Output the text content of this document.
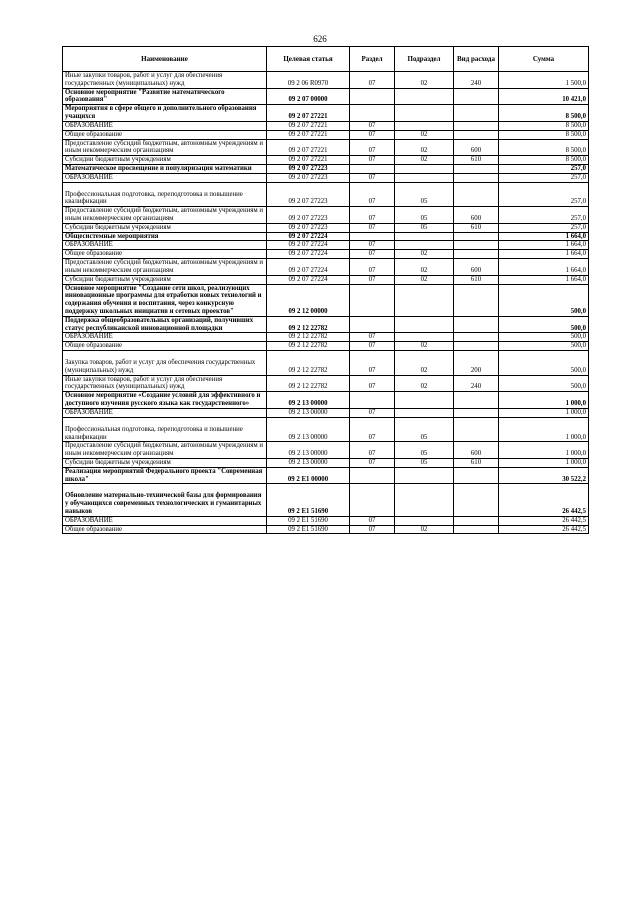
626
Наименование	Целевая статья	Раздел	Подраздел	Вид расхода	Сумма
Иные закупки товаров, работ и услуг для обеспечения государственных (муниципальных) нужд	09 2 06 R0970	07	02	240	1 500,0
Основное мероприятие "Развитие математического образования"	09 2 07 00000				10 421,0
Мероприятия в сфере общего и дополнительного образования учащихся	09 2 07 27221				8 500,0
ОБРАЗОВАНИЕ	09 2 07 27221	07			8 500,0
Общее образование	09 2 07 27221	07	02		8 500,0
Предоставление субсидий бюджетным, автономным учреждениям и иным некоммерческим организациям	09 2 07 27221	07	02	600	8 500,0
Субсидии бюджетным учреждениям	09 2 07 27221	07	02	610	8 500,0
Математическое просвещение и популяризация математики	09 2 07 27223				257,0
ОБРАЗОВАНИЕ	09 2 07 27223	07			257,0
Профессиональная подготовка, переподготовка и повышение квалификации	09 2 07 27223	07	05		257,0
Предоставление субсидий бюджетным, автономным учреждениям и иным некоммерческим организациям	09 2 07 27223	07	05	600	257,0
Субсидии бюджетным учреждениям	09 2 07 27223	07	05	610	257,0
Общесистемные мероприятия	09 2 07 27224				1 664,0
ОБРАЗОВАНИЕ	09 2 07 27224	07			1 664,0
Общее образование	09 2 07 27224	07	02		1 664,0
Предоставление субсидий бюджетным, автономным учреждениям и иным некоммерческим организациям	09 2 07 27224	07	02	600	1 664,0
Субсидии бюджетным учреждениям	09 2 07 27224	07	02	610	1 664,0
Основное мероприятие "Создание сети школ, реализующих инновационные программы для отработки новых технологий и содержания обучения и воспитания, через конкурсную поддержку школьных инициатив и сетевых проектов"	09 2 12 00000				500,0
Поддержка общеобразовательных организаций, получивших статус республиканской инновационной площадки	09 2 12 22782				500,0
ОБРАЗОВАНИЕ	09 2 12 22782	07			500,0
Общее образование	09 2 12 22782	07	02		500,0
Закупка товаров, работ и услуг для обеспечения государственных (муниципальных) нужд	09 2 12 22782	07	02	200	500,0
Иные закупки товаров, работ и услуг для обеспечения государственных (муниципальных) нужд	09 2 12 22782	07	02	240	500,0
Основное мероприятие «Создание условий для эффективного и доступного изучения русского языка как государственного»	09 2 13 00000				1 000,0
ОБРАЗОВАНИЕ	09 2 13 00000	07			1 000,0
Профессиональная подготовка, переподготовка и повышение квалификации	09 2 13 00000	07	05		1 000,0
Предоставление субсидий бюджетным, автономным учреждениям и иным некоммерческим организациям	09 2 13 00000	07	05	600	1 000,0
Субсидии бюджетным учреждениям	09 2 13 00000	07	05	610	1 000,0
Реализация мероприятий Федерального проекта "Современная школа"	09 2 E1 00000				30 522,2
Обновление материально-технической базы для формирования у обучающихся современных технологических и гуманитарных навыков	09 2 E1 51690				26 442,5
ОБРАЗОВАНИЕ	09 2 E1 51690	07			26 442,5
Общее образование	09 2 E1 51690	07	02		26 442,5
